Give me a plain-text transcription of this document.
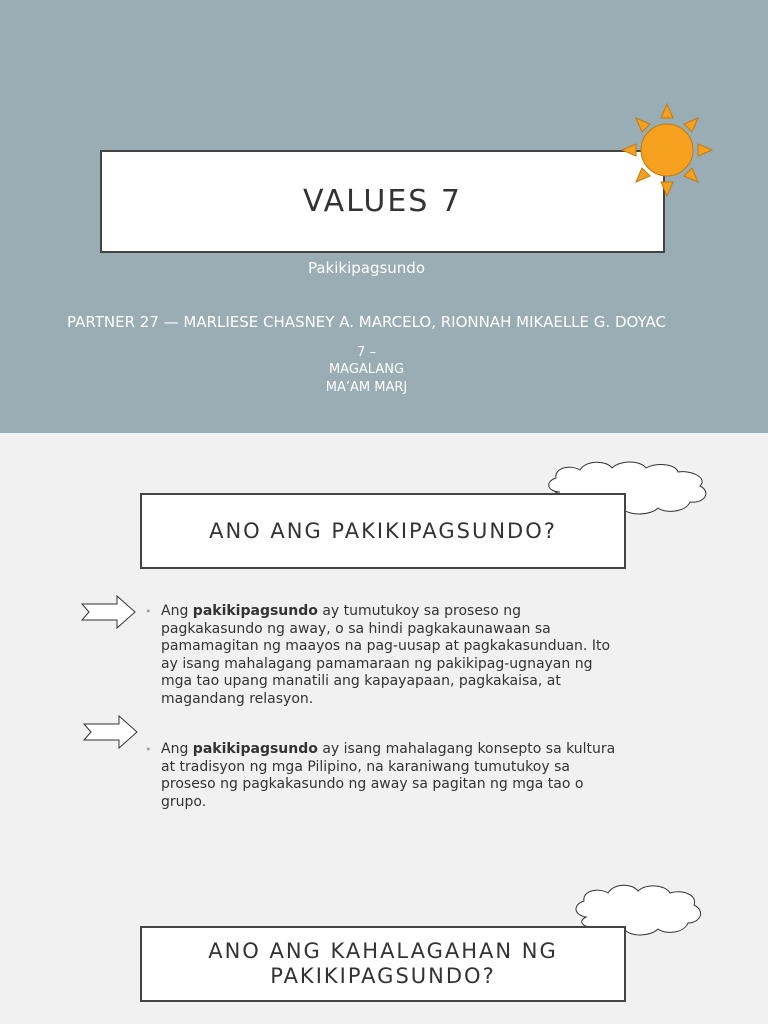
VALUES 7
Pakikipagsundo
PARTNER 27 — MARLIESE CHASNEY A. MARCELO, RIONNAH MIKAELLE G. DOYAC
7 –
MAGALANG
MA’AM MARJ
ANO ANG PAKIKIPAGSUNDO?
• Ang pakikipagsundo ay tumutukoy sa proseso ng pagkakasundo ng away, o sa hindi pagkakaunawaan sa pamamagitan ng maayos na pag-uusap at pagkakasunduan. Ito ay isang mahalagang pamamaraan ng pakikipag-ugnayan ng mga tao upang manatili ang kapayapaan, pagkakaisa, at magandang relasyon.
• Ang pakikipagsundo ay isang mahalagang konsepto sa kultura at tradisyon ng mga Pilipino, na karaniwang tumutukoy sa proseso ng pagkakasundo ng away sa pagitan ng mga tao o grupo.
ANO ANG KAHALAGAHAN NG
PAKIKIPAGSUNDO?
